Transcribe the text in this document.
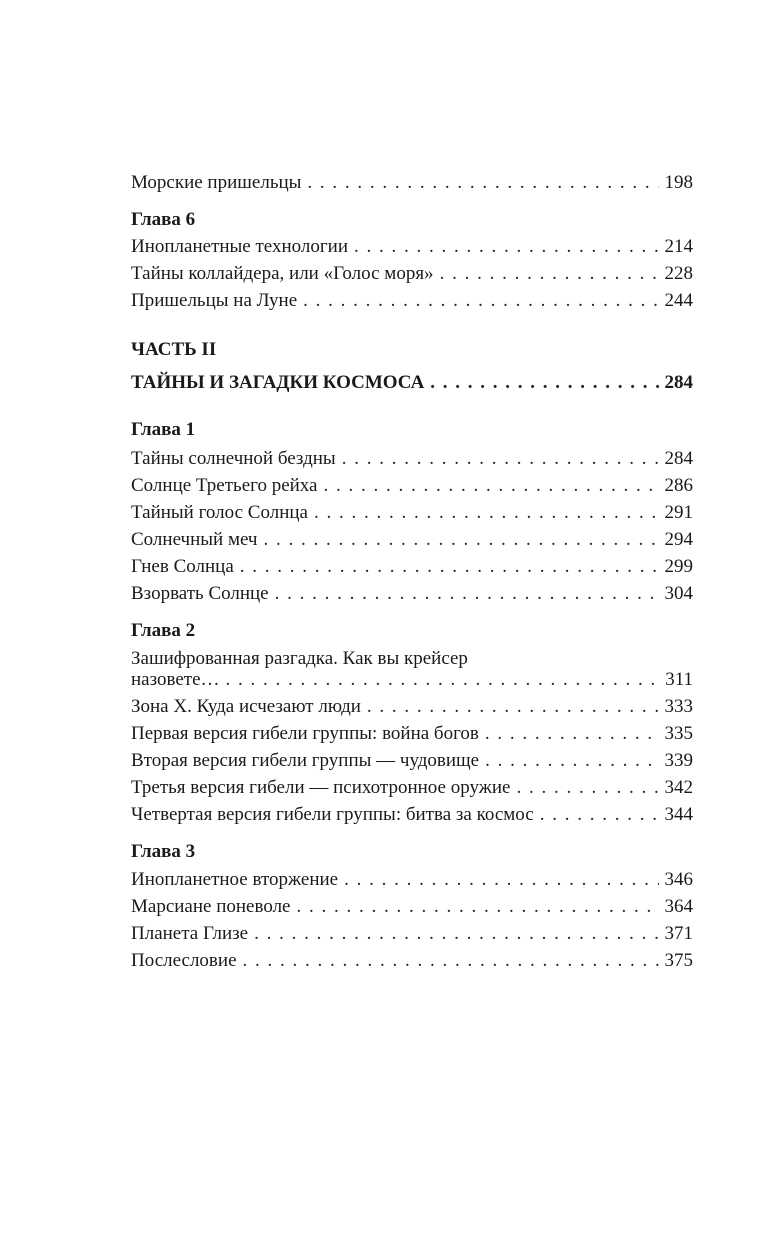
Морские пришельцы . . .	198
Глава 6
Инопланетные технологии . . .	214
Тайны коллайдера, или «Голос моря» . . .	228
Пришельцы на Луне . . .	244
ЧАСТЬ II
ТАЙНЫ И ЗАГАДКИ КОСМОСА . . .	284
Глава 1
Тайны солнечной бездны . . .	284
Солнце Третьего рейха . . .	286
Тайный голос Солнца . . .	291
Солнечный меч . . .	294
Гнев Солнца . . .	299
Взорвать Солнце . . .	304
Глава 2
Зашифрованная разгадка. Как вы крейсер
назовете… . . .	311
Зона Х. Куда исчезают люди . . .	333
Первая версия гибели группы: война богов . . .	335
Вторая версия гибели группы — чудовище . . .	339
Третья версия гибели — психотронное оружие . . .	342
Четвертая версия гибели группы: битва за космос . . .	344
Глава 3
Инопланетное вторжение . . .	346
Марсиане поневоле . . .	364
Планета Глизе . . .	371
Послесловие . . .	375
